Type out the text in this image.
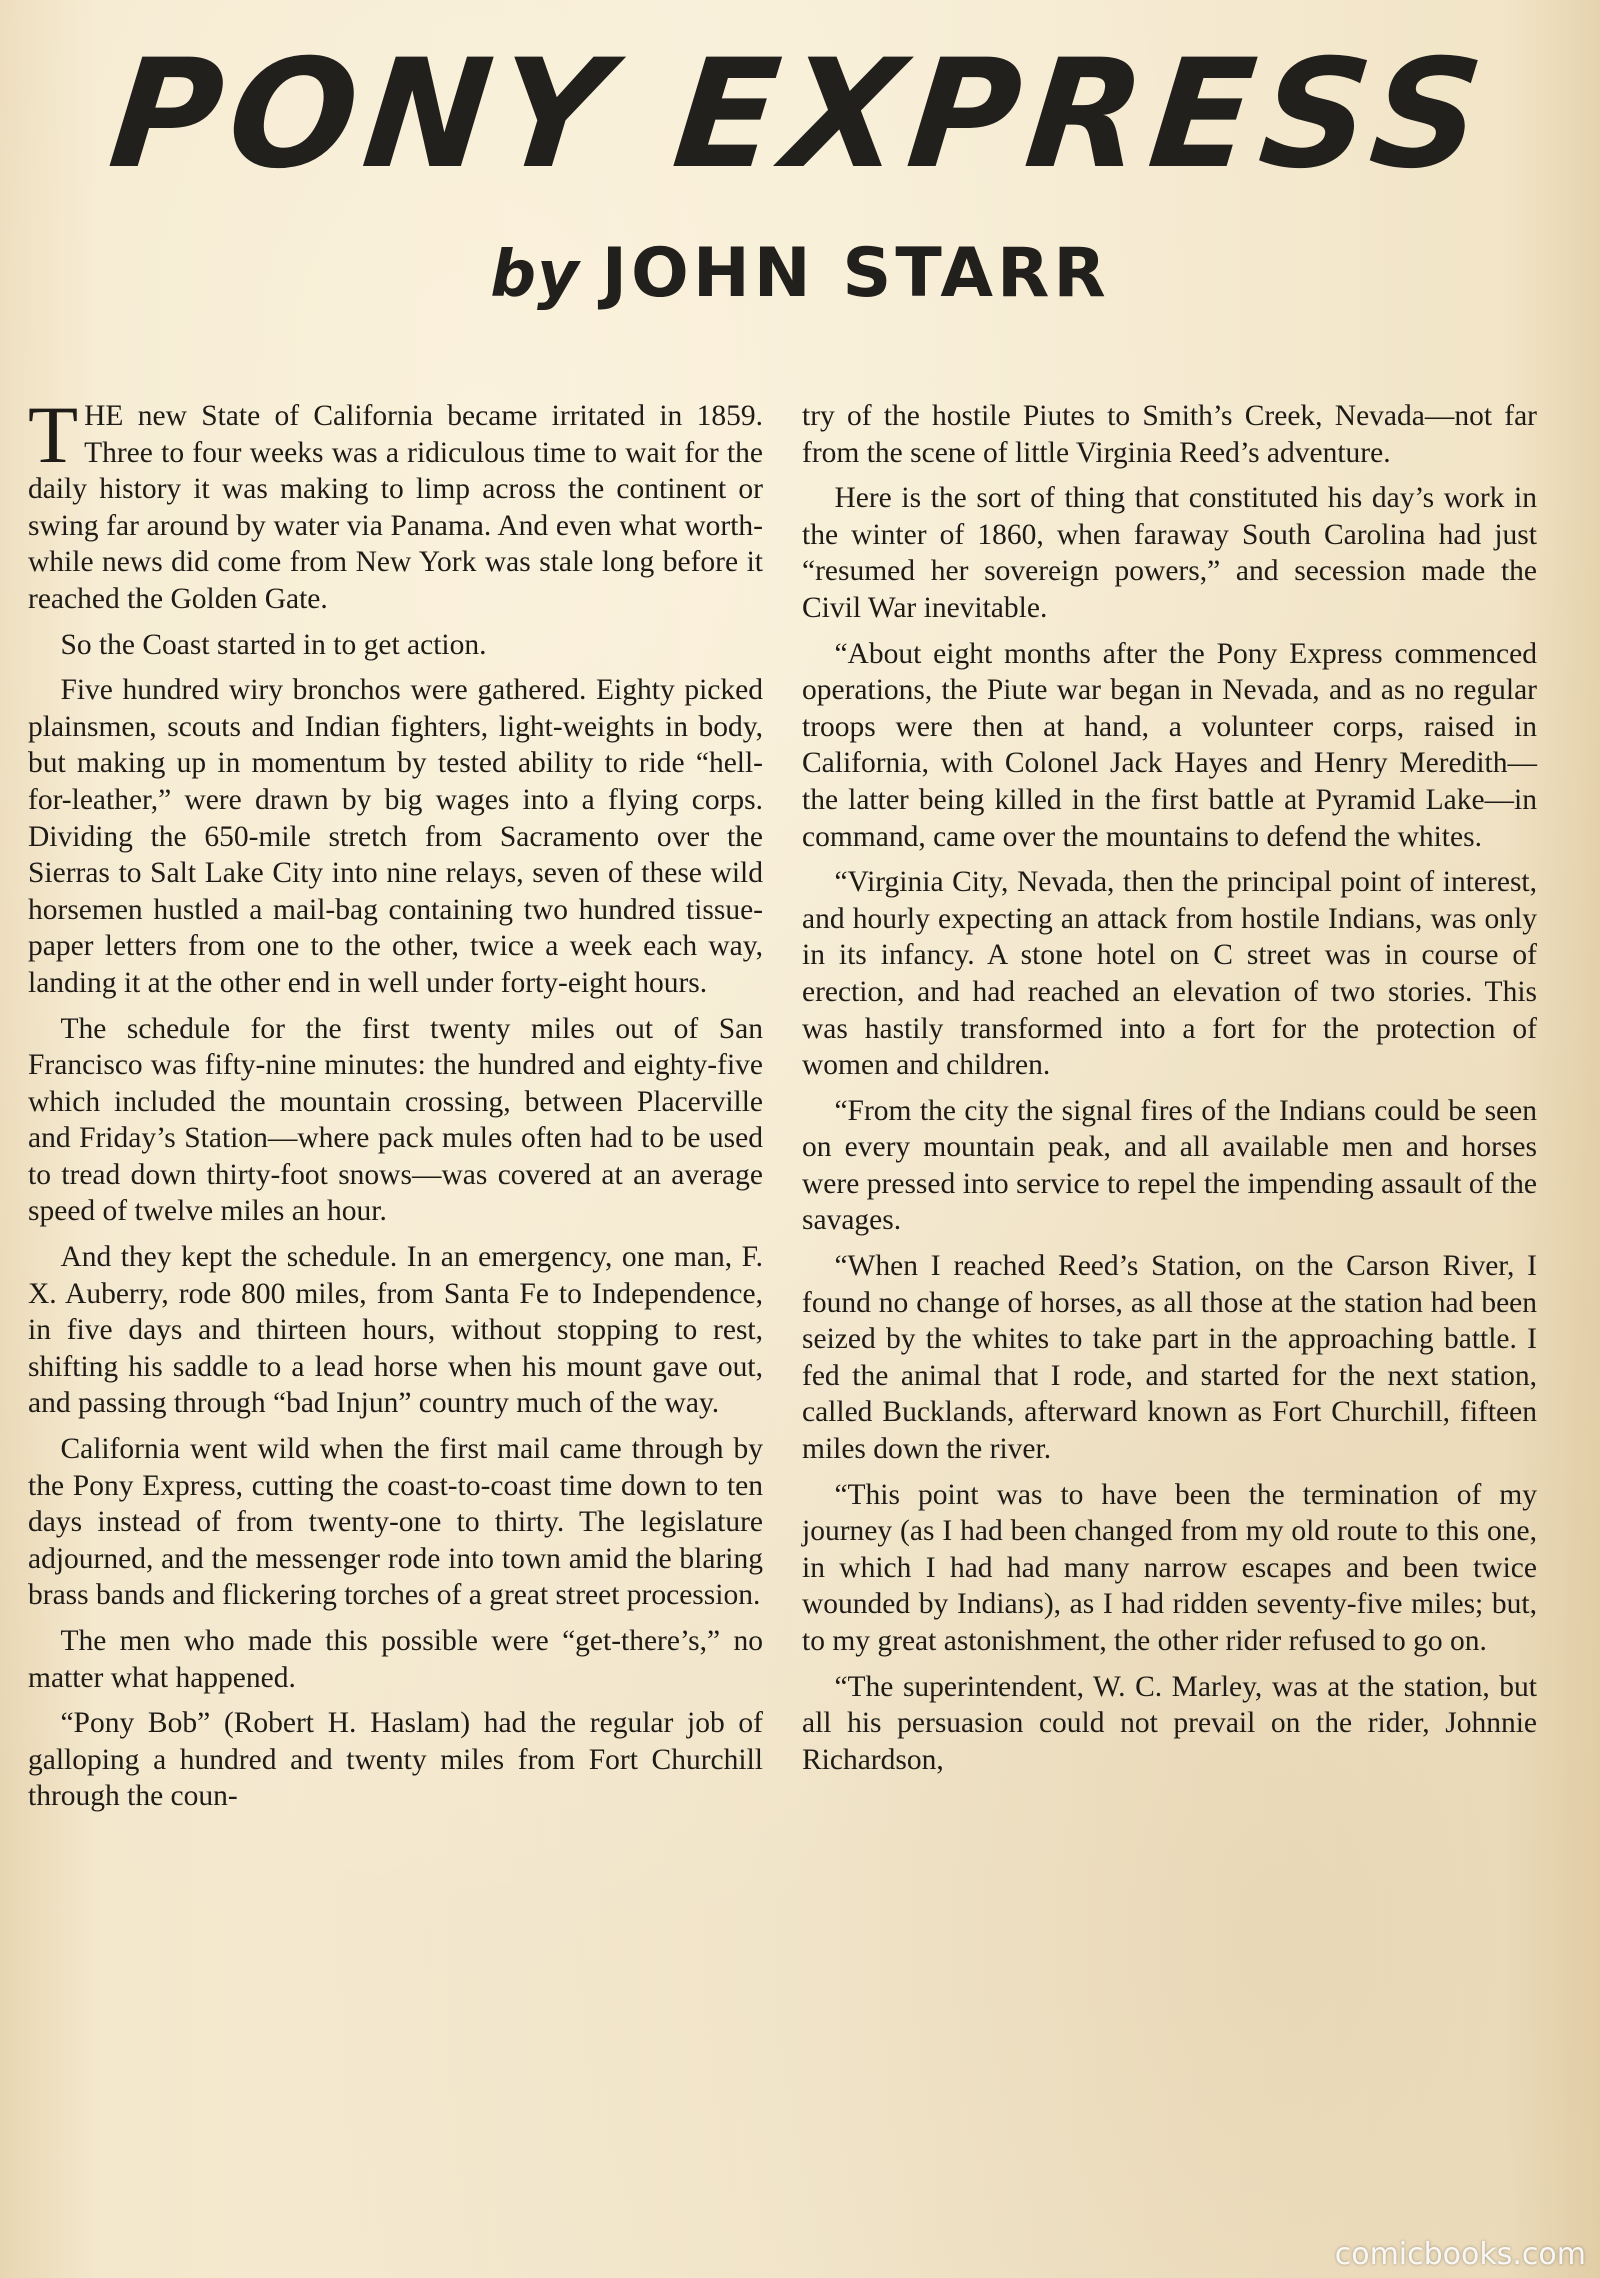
PONY EXPRESS
by JOHN STARR

THE new State of California became irritated in 1859. Three to four weeks was a ridiculous time to wait for the daily history it was making to limp across the continent or swing far around by water via Panama. And even what worth-while news did come from New York was stale long before it reached the Golden Gate.

So the Coast started in to get action.

Five hundred wiry bronchos were gathered. Eighty picked plainsmen, scouts and Indian fighters, light-weights in body, but making up in momentum by tested ability to ride “hell-for-leather,” were drawn by big wages into a flying corps. Dividing the 650-mile stretch from Sacramento over the Sierras to Salt Lake City into nine relays, seven of these wild horsemen hustled a mail-bag containing two hundred tissue-paper letters from one to the other, twice a week each way, landing it at the other end in well under forty-eight hours.

The schedule for the first twenty miles out of San Francisco was fifty-nine minutes: the hundred and eighty-five which included the mountain crossing, between Placerville and Friday’s Station—where pack mules often had to be used to tread down thirty-foot snows—was covered at an average speed of twelve miles an hour.

And they kept the schedule. In an emergency, one man, F. X. Auberry, rode 800 miles, from Santa Fe to Independence, in five days and thirteen hours, without stopping to rest, shifting his saddle to a lead horse when his mount gave out, and passing through “bad Injun” country much of the way.

California went wild when the first mail came through by the Pony Express, cutting the coast-to-coast time down to ten days instead of from twenty-one to thirty. The legislature adjourned, and the messenger rode into town amid the blaring brass bands and flickering torches of a great street procession.

The men who made this possible were “get-there’s,” no matter what happened.

“Pony Bob” (Robert H. Haslam) had the regular job of galloping a hundred and twenty miles from Fort Churchill through the coun-

try of the hostile Piutes to Smith’s Creek, Nevada—not far from the scene of little Virginia Reed’s adventure.

Here is the sort of thing that constituted his day’s work in the winter of 1860, when faraway South Carolina had just “resumed her sovereign powers,” and secession made the Civil War inevitable.

“About eight months after the Pony Express commenced operations, the Piute war began in Nevada, and as no regular troops were then at hand, a volunteer corps, raised in California, with Colonel Jack Hayes and Henry Meredith—the latter being killed in the first battle at Pyramid Lake—in command, came over the mountains to defend the whites.

“Virginia City, Nevada, then the principal point of interest, and hourly expecting an attack from hostile Indians, was only in its infancy. A stone hotel on C street was in course of erection, and had reached an elevation of two stories. This was hastily transformed into a fort for the protection of women and children.

“From the city the signal fires of the Indians could be seen on every mountain peak, and all available men and horses were pressed into service to repel the impending assault of the savages.

“When I reached Reed’s Station, on the Carson River, I found no change of horses, as all those at the station had been seized by the whites to take part in the approaching battle. I fed the animal that I rode, and started for the next station, called Bucklands, afterward known as Fort Churchill, fifteen miles down the river.

“This point was to have been the termination of my journey (as I had been changed from my old route to this one, in which I had had many narrow escapes and been twice wounded by Indians), as I had ridden seventy-five miles; but, to my great astonishment, the other rider refused to go on.

“The superintendent, W. C. Marley, was at the station, but all his persuasion could not prevail on the rider, Johnnie Richardson,

comicbooks.com
